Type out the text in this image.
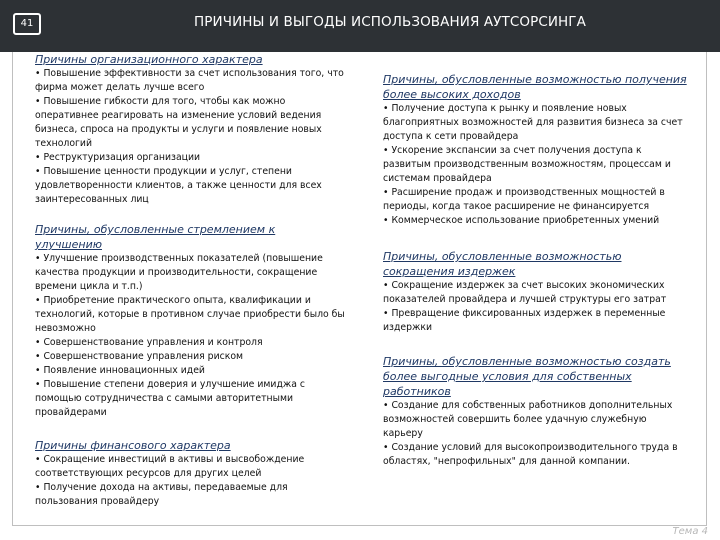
41	ПРИЧИНЫ И ВЫГОДЫ ИСПОЛЬЗОВАНИЯ АУТСОРСИНГА
Причины организационного характера
• Повышение эффективности за счет использования того, что фирма может делать лучше всего
• Повышение гибкости для того, чтобы как можно оперативнее реагировать на изменение условий ведения бизнеса, спроса на продукты и услуги и появление новых технологий
• Реструктуризация организации
• Повышение ценности продукции и услуг, степени удовлетворенности клиентов, а также ценности для всех заинтересованных лиц
Причины, обусловленные стремлением к улучшению
• Улучшение производственных показателей (повышение качества продукции и производительности, сокращение времени цикла и т.п.)
• Приобретение практического опыта, квалификации и технологий, которые в противном случае приобрести было бы невозможно
• Совершенствование управления и контроля
• Совершенствование управления риском
• Появление инновационных идей
• Повышение степени доверия и улучшение имиджа с помощью сотрудничества с самыми авторитетными провайдерами
Причины финансового характера
• Сокращение инвестиций в активы и высвобождение соответствующих ресурсов для других целей
• Получение дохода на активы, передаваемые для пользования провайдеру
Причины, обусловленные возможностью получения более высоких доходов
• Получение доступа к рынку и появление новых благоприятных возможностей для развития бизнеса за счет доступа к сети провайдера
• Ускорение экспансии за счет получения доступа к развитым производственным возможностям, процессам и системам провайдера
• Расширение продаж и производственных мощностей в периоды, когда такое расширение не финансируется
• Коммерческое использование приобретенных умений
Причины, обусловленные возможностью сокращения издержек
• Сокращение издержек за счет высоких экономических показателей провайдера и лучшей структуры его затрат
• Превращение фиксированных издержек в переменные издержки
Причины, обусловленные возможностью создать более выгодные условия для собственных работников
• Создание для собственных работников дополнительных возможностей совершить более удачную служебную карьеру
• Создание условий для высокопроизводительного труда в областях, "непрофильных" для данной компании.
Тема 4
